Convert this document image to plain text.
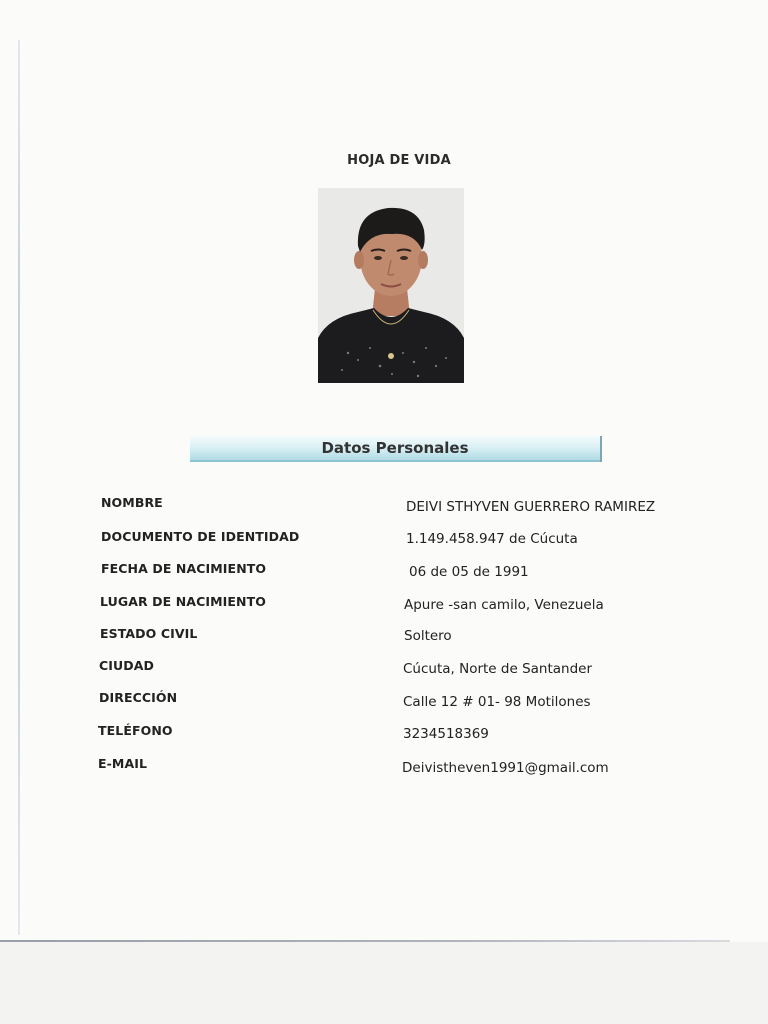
HOJA DE VIDA
Datos Personales
NOMBRE	DEIVI STHYVEN GUERRERO RAMIREZ
DOCUMENTO DE IDENTIDAD	1.149.458.947 de Cúcuta
FECHA DE NACIMIENTO	06 de 05 de 1991
LUGAR DE NACIMIENTO	Apure -san camilo, Venezuela
ESTADO CIVIL	Soltero
CIUDAD	Cúcuta, Norte de Santander
DIRECCIÓN	Calle 12 # 01- 98 Motilones
TELÉFONO	3234518369
E-MAIL	Deivistheven1991@gmail.com
